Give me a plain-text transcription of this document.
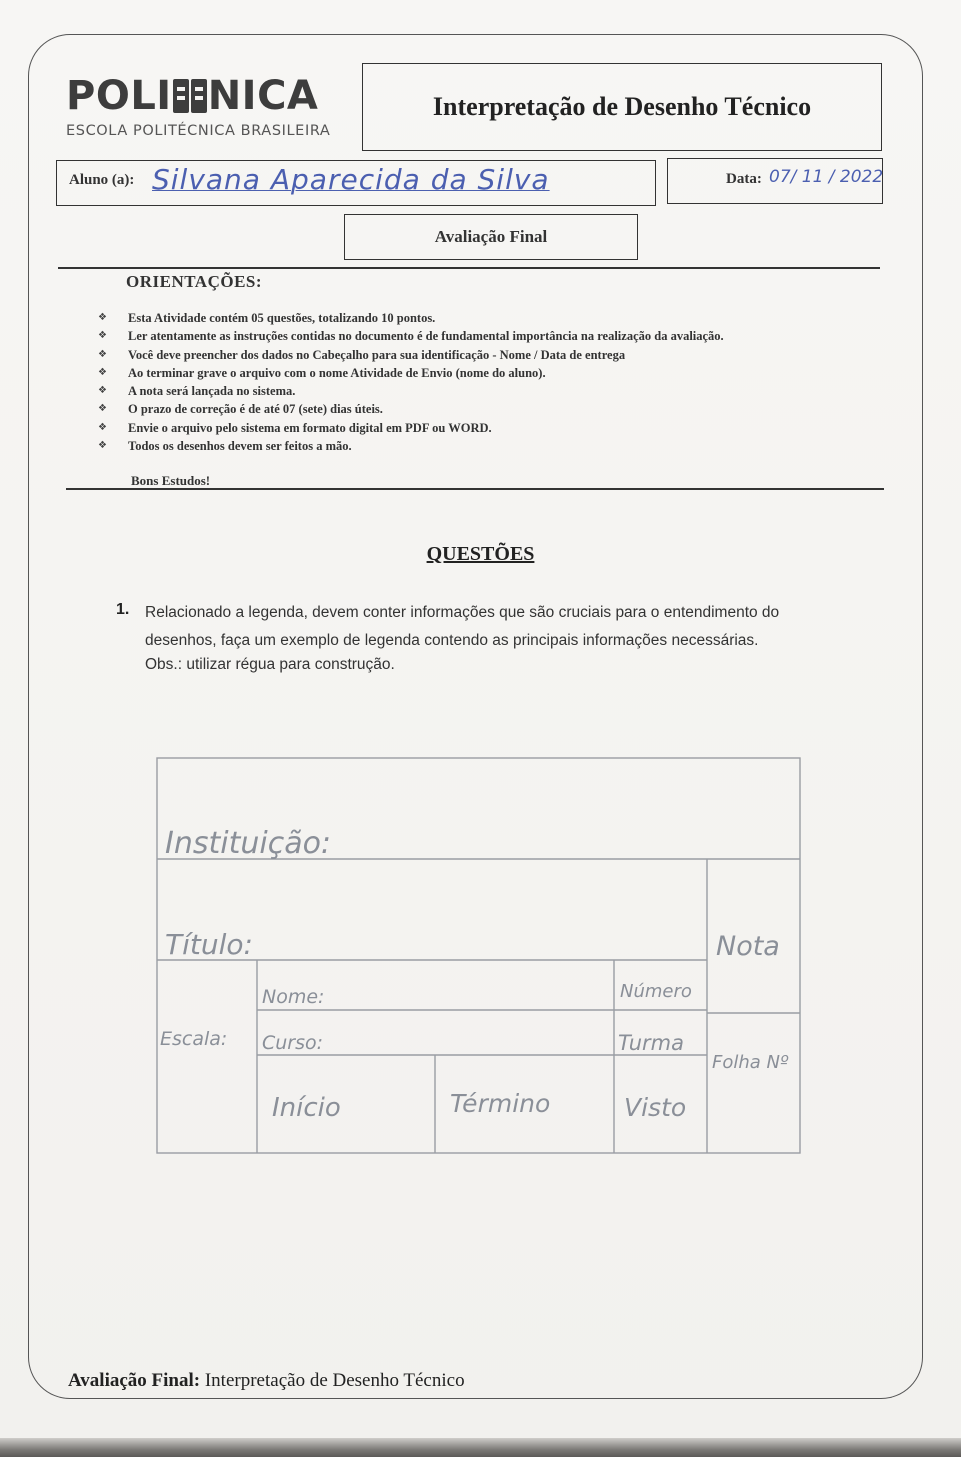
POLI NICA
ESCOLA POLITÉCNICA BRASILEIRA
Interpretação de Desenho Técnico
Aluno (a): Silvana Aparecida da Silva	Data: 07/ 11 / 2022
Avaliação Final
ORIENTAÇÕES:
❖	Esta Atividade contém 05 questões, totalizando 10 pontos.
❖	Ler atentamente as instruções contidas no documento é de fundamental importância na realização da avaliação.
❖	Você deve preencher dos dados no Cabeçalho para sua identificação - Nome / Data de entrega
❖	Ao terminar grave o arquivo com o nome Atividade de Envio (nome do aluno).
❖	A nota será lançada no sistema.
❖	O prazo de correção é de até 07 (sete) dias úteis.
❖	Envie o arquivo pelo sistema em formato digital em PDF ou WORD.
❖	Todos os desenhos devem ser feitos a mão.
Bons Estudos!
QUESTÕES
1. Relacionado a legenda, devem conter informações que são cruciais para o entendimento do desenhos, faça um exemplo de legenda contendo as principais informações necessárias.
Obs.: utilizar régua para construção.
Instituição:
Título:	Nota
Escala:
Nome:	Número
Curso:	Turma
Folha Nº
Início	Término	Visto
Avaliação Final: Interpretação de Desenho Técnico
